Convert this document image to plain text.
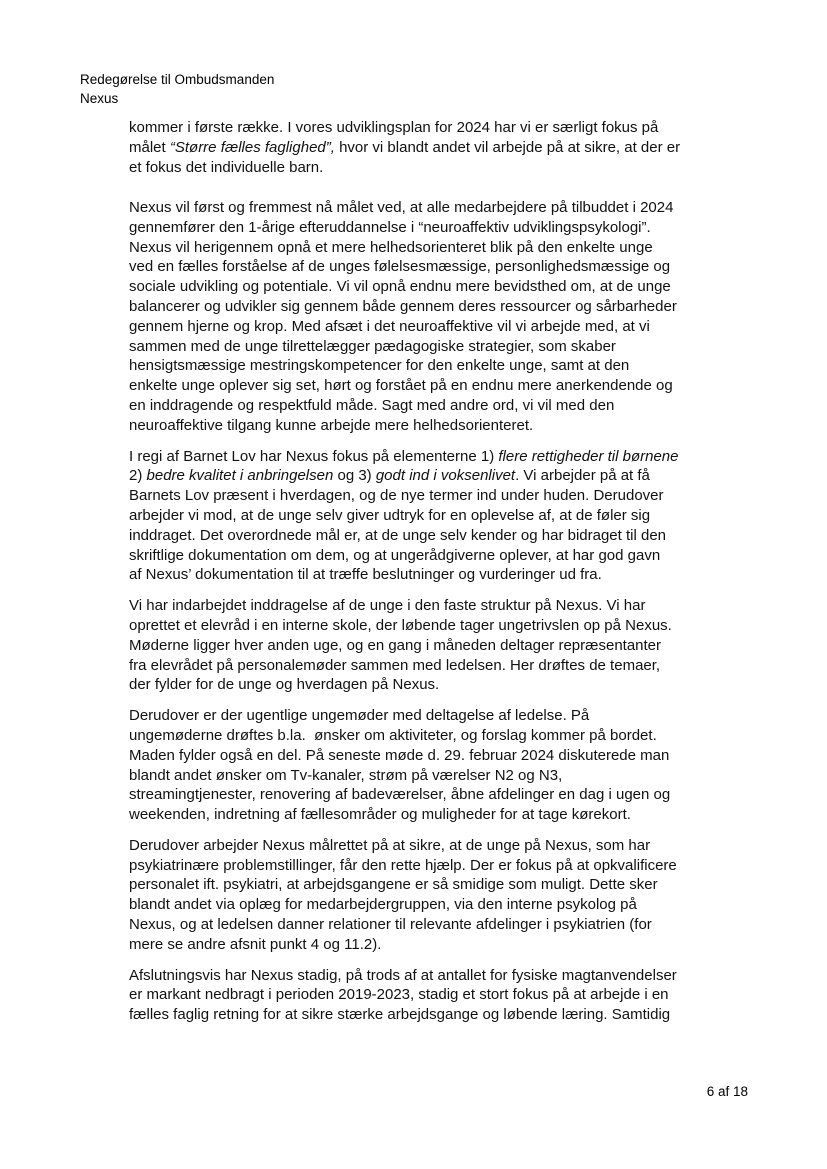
Redegørelse til Ombudsmanden
Nexus
kommer i første række. I vores udviklingsplan for 2024 har vi er særligt fokus på
målet “Større fælles faglighed”, hvor vi blandt andet vil arbejde på at sikre, at der er
et fokus det individuelle barn.
Nexus vil først og fremmest nå målet ved, at alle medarbejdere på tilbuddet i 2024
gennemfører den 1-årige efteruddannelse i “neuroaffektiv udviklingspsykologi”.
Nexus vil herigennem opnå et mere helhedsorienteret blik på den enkelte unge
ved en fælles forståelse af de unges følelsesmæssige, personlighedsmæssige og
sociale udvikling og potentiale. Vi vil opnå endnu mere bevidsthed om, at de unge
balancerer og udvikler sig gennem både gennem deres ressourcer og sårbarheder
gennem hjerne og krop. Med afsæt i det neuroaffektive vil vi arbejde med, at vi
sammen med de unge tilrettelægger pædagogiske strategier, som skaber
hensigtsmæssige mestringskompetencer for den enkelte unge, samt at den
enkelte unge oplever sig set, hørt og forstået på en endnu mere anerkendende og
en inddragende og respektfuld måde. Sagt med andre ord, vi vil med den
neuroaffektive tilgang kunne arbejde mere helhedsorienteret.
I regi af Barnet Lov har Nexus fokus på elementerne 1) flere rettigheder til børnene
2) bedre kvalitet i anbringelsen og 3) godt ind i voksenlivet. Vi arbejder på at få
Barnets Lov præsent i hverdagen, og de nye termer ind under huden. Derudover
arbejder vi mod, at de unge selv giver udtryk for en oplevelse af, at de føler sig
inddraget. Det overordnede mål er, at de unge selv kender og har bidraget til den
skriftlige dokumentation om dem, og at ungerådgiverne oplever, at har god gavn
af Nexus’ dokumentation til at træffe beslutninger og vurderinger ud fra.
Vi har indarbejdet inddragelse af de unge i den faste struktur på Nexus. Vi har
oprettet et elevråd i en interne skole, der løbende tager ungetrivslen op på Nexus.
Møderne ligger hver anden uge, og en gang i måneden deltager repræsentanter
fra elevrådet på personalemøder sammen med ledelsen. Her drøftes de temaer,
der fylder for de unge og hverdagen på Nexus.
Derudover er der ugentlige ungemøder med deltagelse af ledelse. På
ungemøderne drøftes b.la.  ønsker om aktiviteter, og forslag kommer på bordet.
Maden fylder også en del. På seneste møde d. 29. februar 2024 diskuterede man
blandt andet ønsker om Tv-kanaler, strøm på værelser N2 og N3,
streamingtjenester, renovering af badeværelser, åbne afdelinger en dag i ugen og
weekenden, indretning af fællesområder og muligheder for at tage kørekort.
Derudover arbejder Nexus målrettet på at sikre, at de unge på Nexus, som har
psykiatrinære problemstillinger, får den rette hjælp. Der er fokus på at opkvalificere
personalet ift. psykiatri, at arbejdsgangene er så smidige som muligt. Dette sker
blandt andet via oplæg for medarbejdergruppen, via den interne psykolog på
Nexus, og at ledelsen danner relationer til relevante afdelinger i psykiatrien (for
mere se andre afsnit punkt 4 og 11.2).
Afslutningsvis har Nexus stadig, på trods af at antallet for fysiske magtanvendelser
er markant nedbragt i perioden 2019-2023, stadig et stort fokus på at arbejde i en
fælles faglig retning for at sikre stærke arbejdsgange og løbende læring. Samtidig
6 af 18
